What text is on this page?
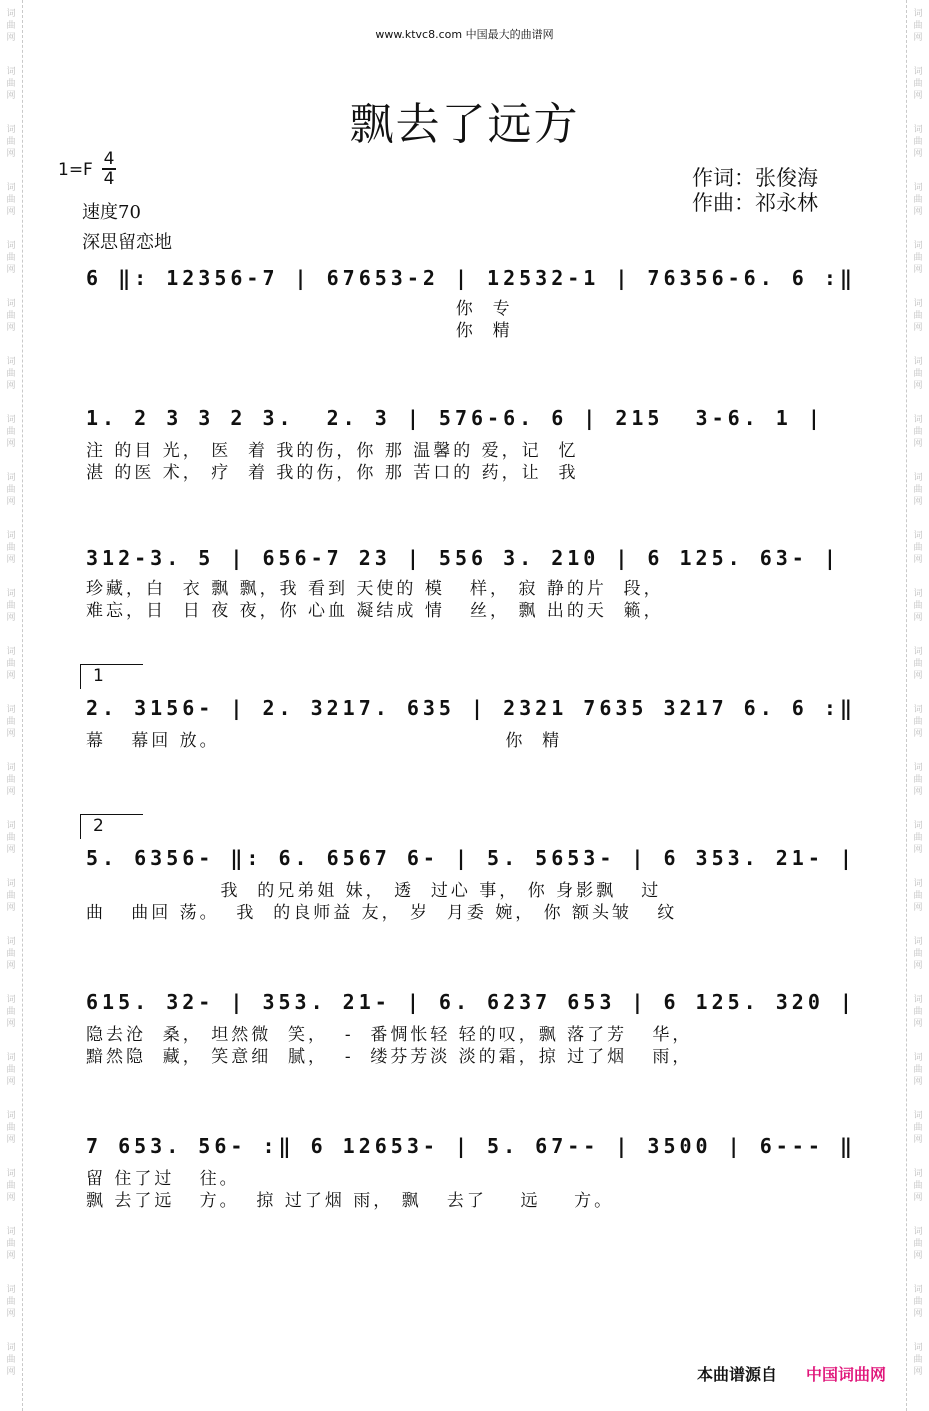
词
曲
网
词
曲
网
词
曲
网
词
曲
网
词
曲
网
词
曲
网
词
曲
网
词
曲
网
词
曲
网
词
曲
网
词
曲
网
词
曲
网
词
曲
网
词
曲
网
词
曲
网
词
曲
网
词
曲
网
词
曲
网
词
曲
网
词
曲
网
词
曲
网
词
曲
网
词
曲
网
词
曲
网
词
曲
网
词
曲
网
词
曲
网
词
曲
网
词
曲
网
词
曲
网
词
曲
网
词
曲
网
词
曲
网
词
曲
网
词
曲
网
词
曲
网
词
曲
网
词
曲
网
词
曲
网
词
曲
网
词
曲
网
词
曲
网
词
曲
网
词
曲
网
词
曲
网
词
曲
网
词
曲
网
词
曲
网
www.ktvc8.com 中国最大的曲谱网
飘去了远方
$1=F \frac{4}{4}$
速度70
深思留恋地
作词：张俊海
作曲：祁永林
6 ‖: 12356-7 | 67653-2 | 12532-1 | 76356-6. 6 :‖
你  专
你  精
1. 2 3 3 2 3.  2. 3 | 576-6. 6 | 215  3-6. 1 |
注 的目 光， 医  着 我的伤，你 那 温馨的 爱，记  忆
湛 的医 术， 疗  着 我的伤，你 那 苦口的 药，让  我
312-3. 5 | 656-7 23 | 556 3. 210 | 6 125. 63- |
珍藏，白  衣 飘 飘，我 看到 天使的 模   样， 寂 静的片  段，
难忘，日  日 夜 夜，你 心血 凝结成 情   丝， 飘 出的天  籁，
1
2. 3156- | 2. 3217. 635 | 2321 7635 3217 6. 6 :‖
幕   幕回 放。                                  你  精
2
5. 6356- ‖: 6. 6567 6- | 5. 5653- | 6 353. 21- |
我  的兄弟姐 妹， 透  过心 事， 你 身影飘   过
曲   曲回 荡。  我  的良师益 友， 岁  月委 婉， 你 额头皱   纹
615. 32- | 353. 21- | 6. 6237 653 | 6 125. 320 |
隐去沧  桑， 坦然微  笑，  -  番惆怅轻 轻的叹，飘 落了芳   华，
黯然隐  藏， 笑意细  腻，  -  缕芬芳淡 淡的霜，掠 过了烟   雨，
7 653. 56- :‖ 6 12653- | 5. 67-- | 3500 | 6--- ‖
留 住了过   往。
飘 去了远   方。  掠 过了烟 雨， 飘   去了    远    方。
本曲谱源自 中国词曲网
